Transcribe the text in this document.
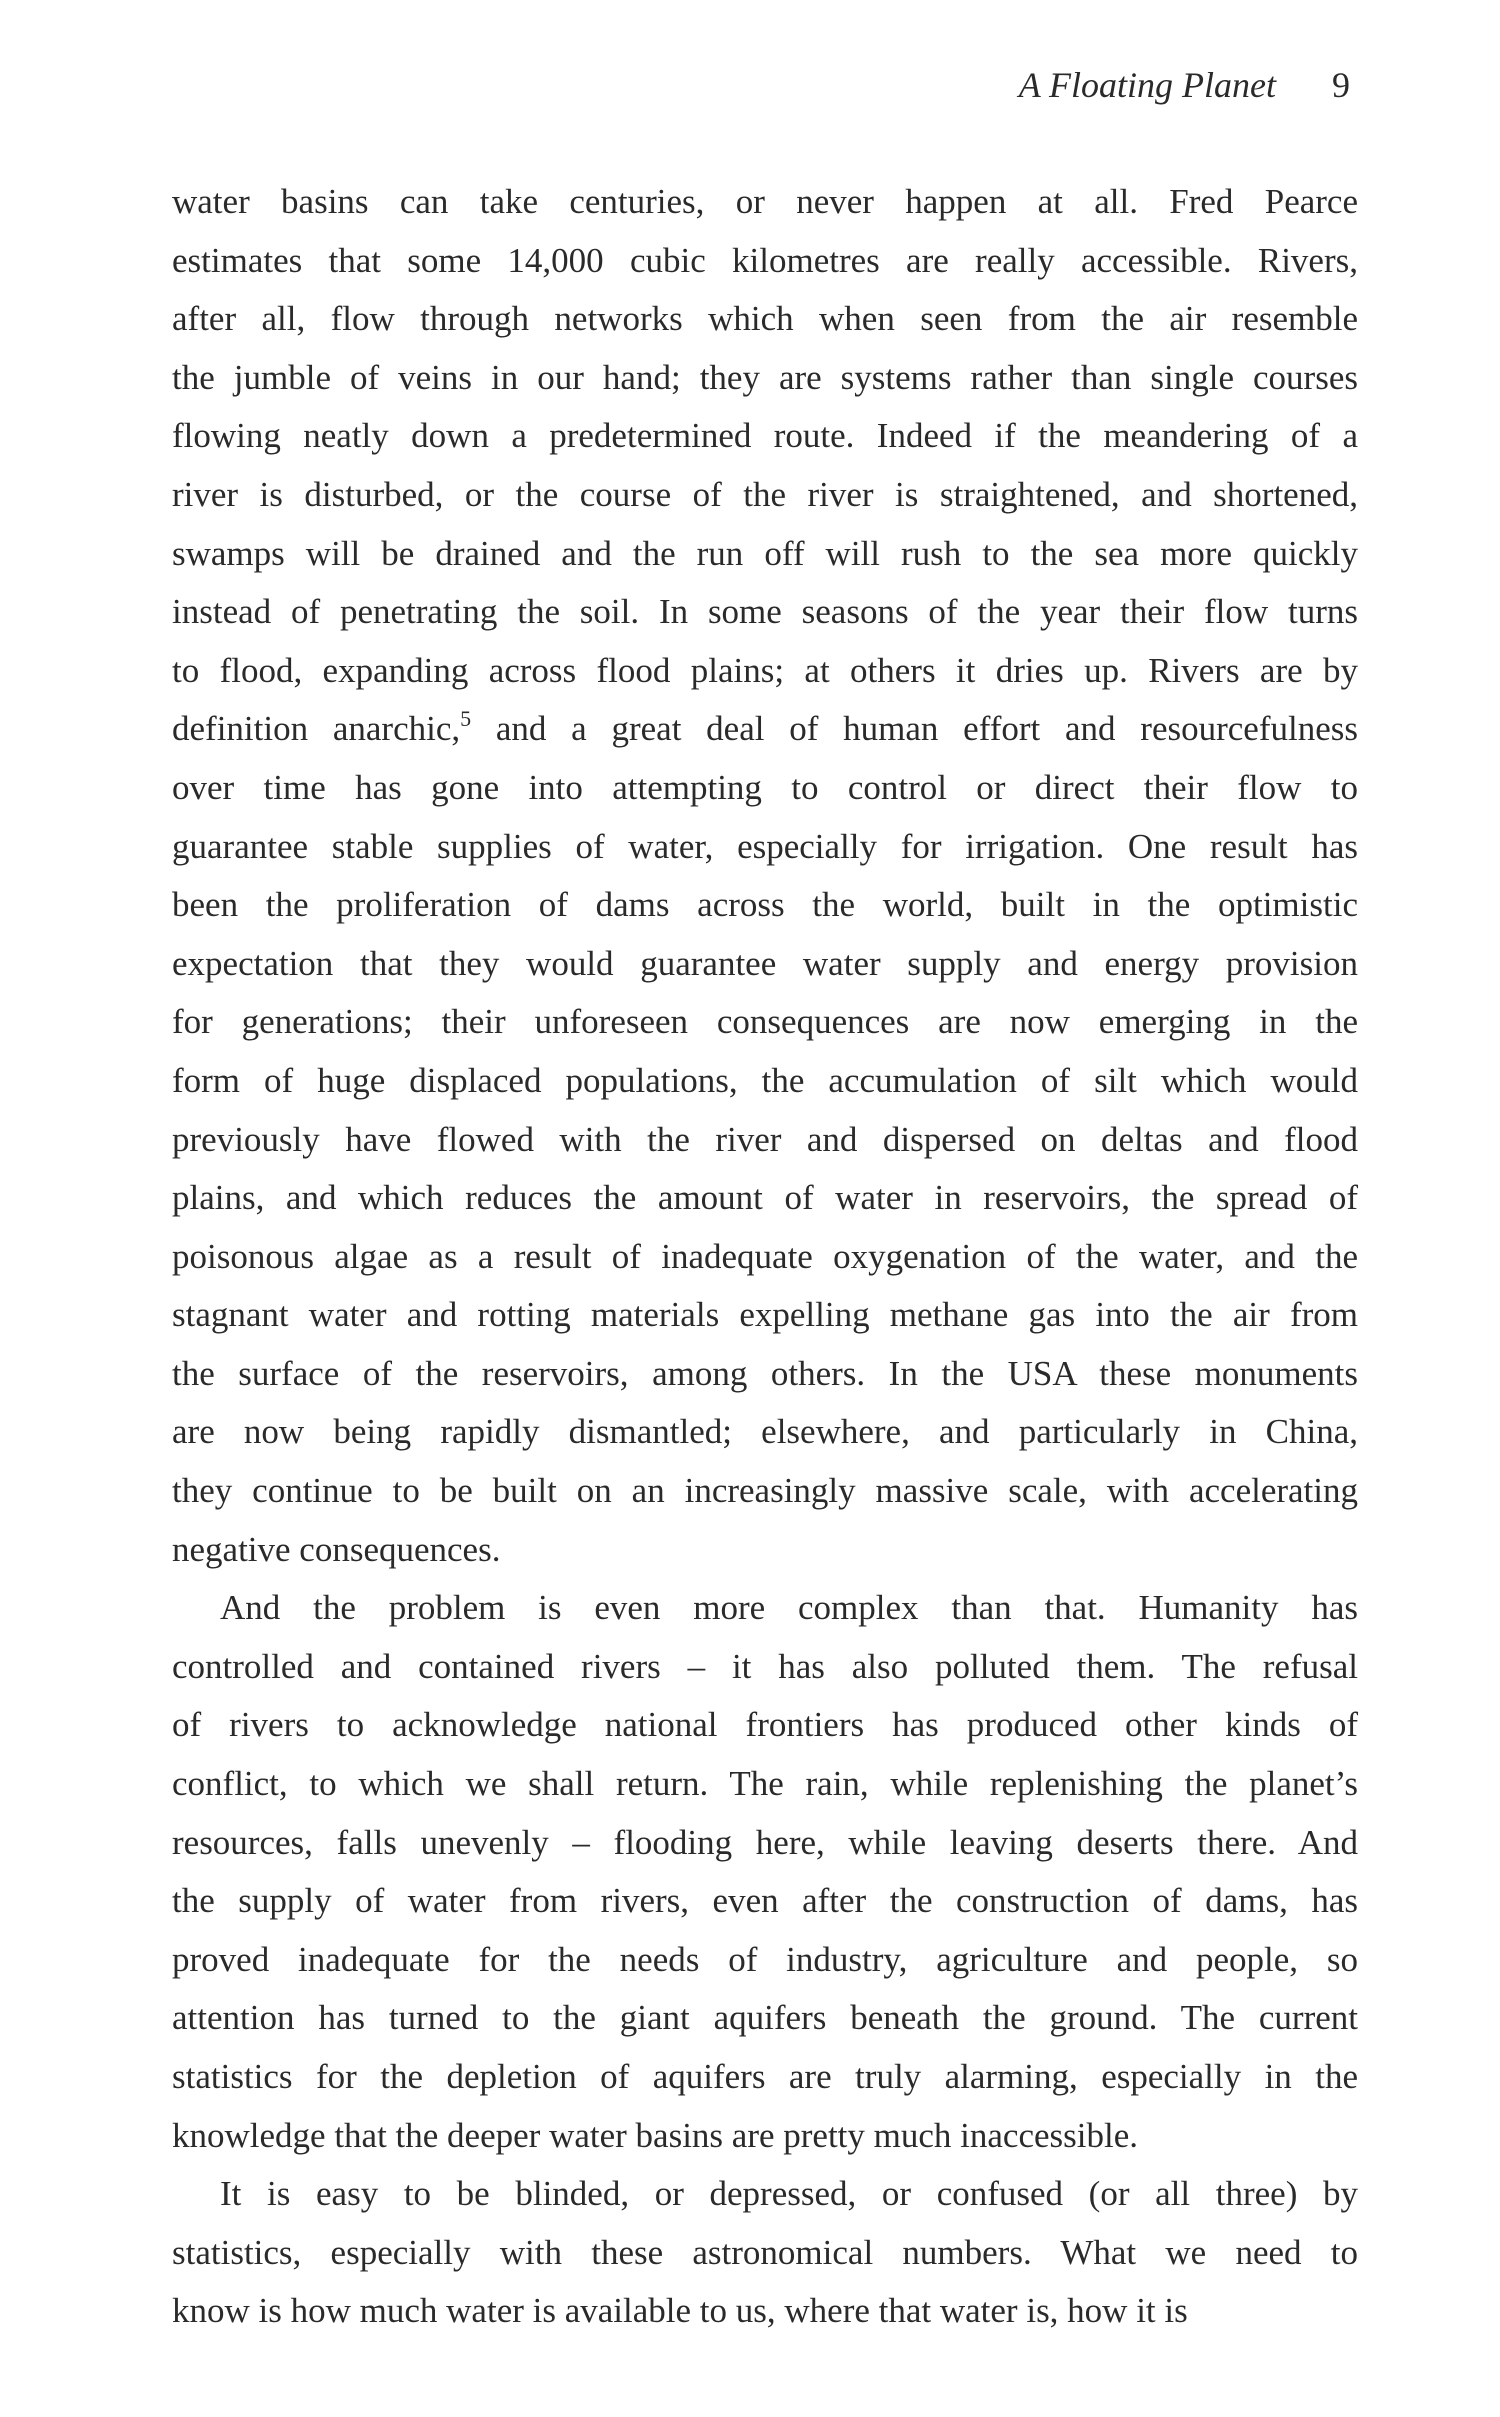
A Floating Planet 9

water basins can take centuries, or never happen at all. Fred Pearce
estimates that some 14,000 cubic kilometres are really accessible. Rivers,
after all, flow through networks which when seen from the air resemble
the jumble of veins in our hand; they are systems rather than single courses
flowing neatly down a predetermined route. Indeed if the meandering of a
river is disturbed, or the course of the river is straightened, and shortened,
swamps will be drained and the run off will rush to the sea more quickly
instead of penetrating the soil. In some seasons of the year their flow turns
to flood, expanding across flood plains; at others it dries up. Rivers are by
definition anarchic,$^5$ and a great deal of human effort and resourcefulness
over time has gone into attempting to control or direct their flow to
guarantee stable supplies of water, especially for irrigation. One result has
been the proliferation of dams across the world, built in the optimistic
expectation that they would guarantee water supply and energy provision
for generations; their unforeseen consequences are now emerging in the
form of huge displaced populations, the accumulation of silt which would
previously have flowed with the river and dispersed on deltas and flood
plains, and which reduces the amount of water in reservoirs, the spread of
poisonous algae as a result of inadequate oxygenation of the water, and the
stagnant water and rotting materials expelling methane gas into the air from
the surface of the reservoirs, among others. In the USA these monuments
are now being rapidly dismantled; elsewhere, and particularly in China,
they continue to be built on an increasingly massive scale, with accelerating
negative consequences.

And the problem is even more complex than that. Humanity has
controlled and contained rivers – it has also polluted them. The refusal
of rivers to acknowledge national frontiers has produced other kinds of
conflict, to which we shall return. The rain, while replenishing the planet’s
resources, falls unevenly – flooding here, while leaving deserts there. And
the supply of water from rivers, even after the construction of dams, has
proved inadequate for the needs of industry, agriculture and people, so
attention has turned to the giant aquifers beneath the ground. The current
statistics for the depletion of aquifers are truly alarming, especially in the
knowledge that the deeper water basins are pretty much inaccessible.

It is easy to be blinded, or depressed, or confused (or all three) by
statistics, especially with these astronomical numbers. What we need to
know is how much water is available to us, where that water is, how it is
